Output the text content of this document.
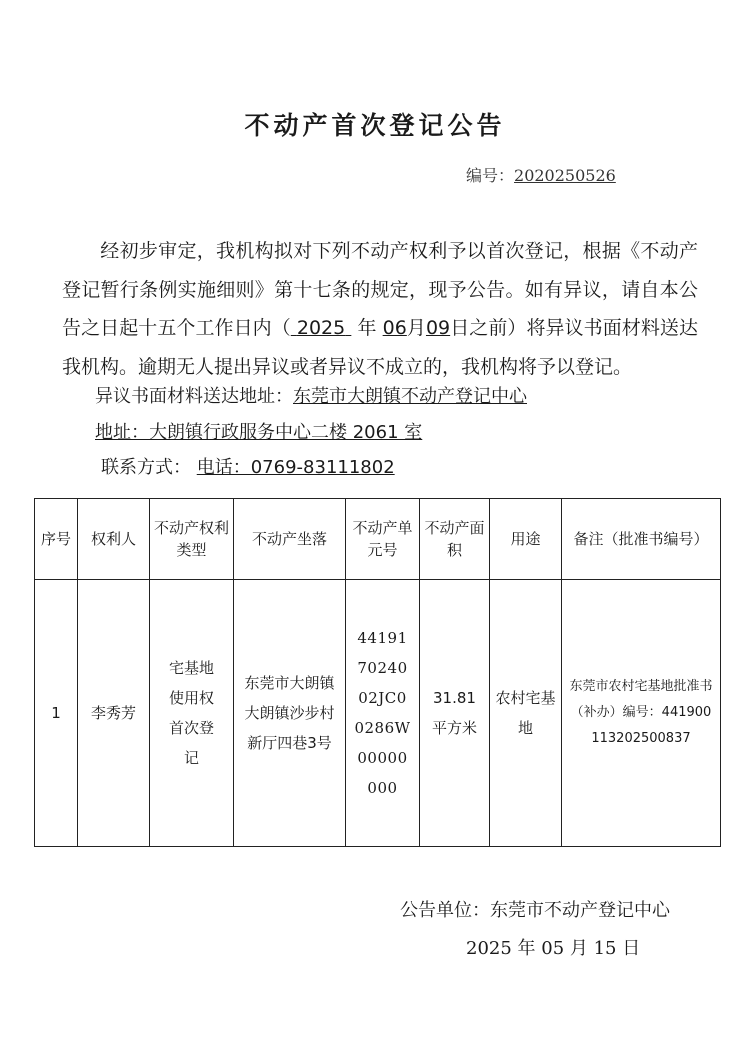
不动产首次登记公告
编号：2020250526
经初步审定，我机构拟对下列不动产权利予以首次登记，根据《不动产登记暂行条例实施细则》第十七条的规定，现予公告。如有异议，请自本公告之日起十五个工作日内（ 2025 年 06月09日之前）将异议书面材料送达我机构。逾期无人提出异议或者异议不成立的，我机构将予以登记。
异议书面材料送达地址：东莞市大朗镇不动产登记中心
地址：大朗镇行政服务中心二楼 2061 室
联系方式： 电话：0769-83111802
序号	权利人	不动产权利类型	不动产坐落	不动产单元号	不动产面积	用途	备注（批准书编号）
1	李秀芳	宅基地使用权首次登记	东莞市大朗镇大朗镇沙步村新厅四巷3号	441917024002JC00286W00000000	31.81平方米	农村宅基地	东莞市农村宅基地批准书（补办）编号：441900113202500837
公告单位：东莞市不动产登记中心
2025 年 05 月 15 日
